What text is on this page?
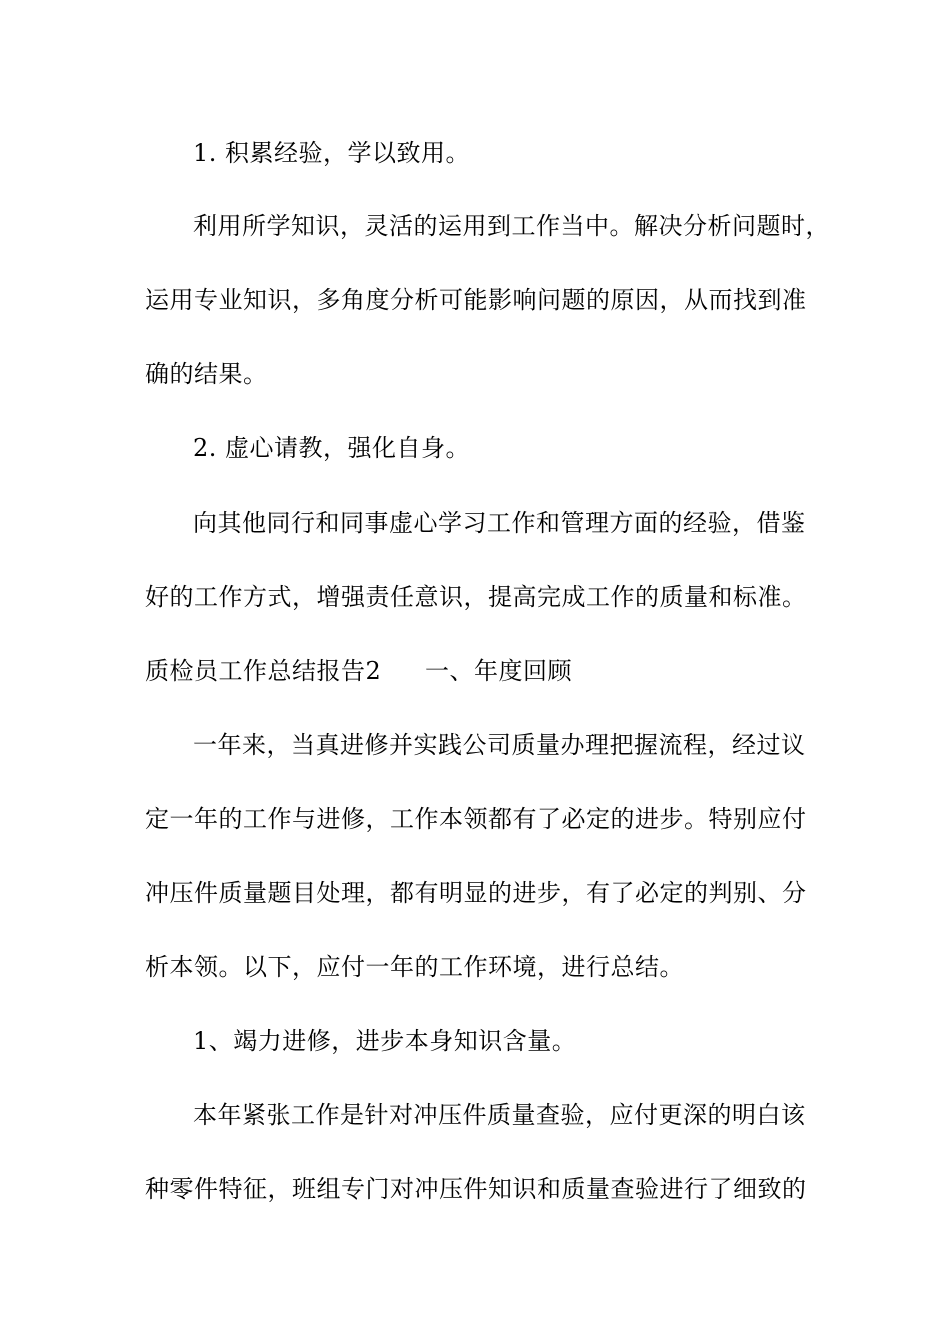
1. 积累经验，学以致用。
利用所学知识，灵活的运用到工作当中。解决分析问题时，
运用专业知识，多角度分析可能影响问题的原因，从而找到准
确的结果。
2. 虚心请教，强化自身。
向其他同行和同事虚心学习工作和管理方面的经验，借鉴
好的工作方式，增强责任意识，提高完成工作的质量和标准。
质检员工作总结报告2 一、年度回顾
一年来，当真进修并实践公司质量办理把握流程，经过议
定一年的工作与进修，工作本领都有了必定的进步。特别应付
冲压件质量题目处理，都有明显的进步，有了必定的判别、分
析本领。以下，应付一年的工作环境，进行总结。
1、竭力进修，进步本身知识含量。
本年紧张工作是针对冲压件质量查验，应付更深的明白该
种零件特征，班组专门对冲压件知识和质量查验进行了细致的
